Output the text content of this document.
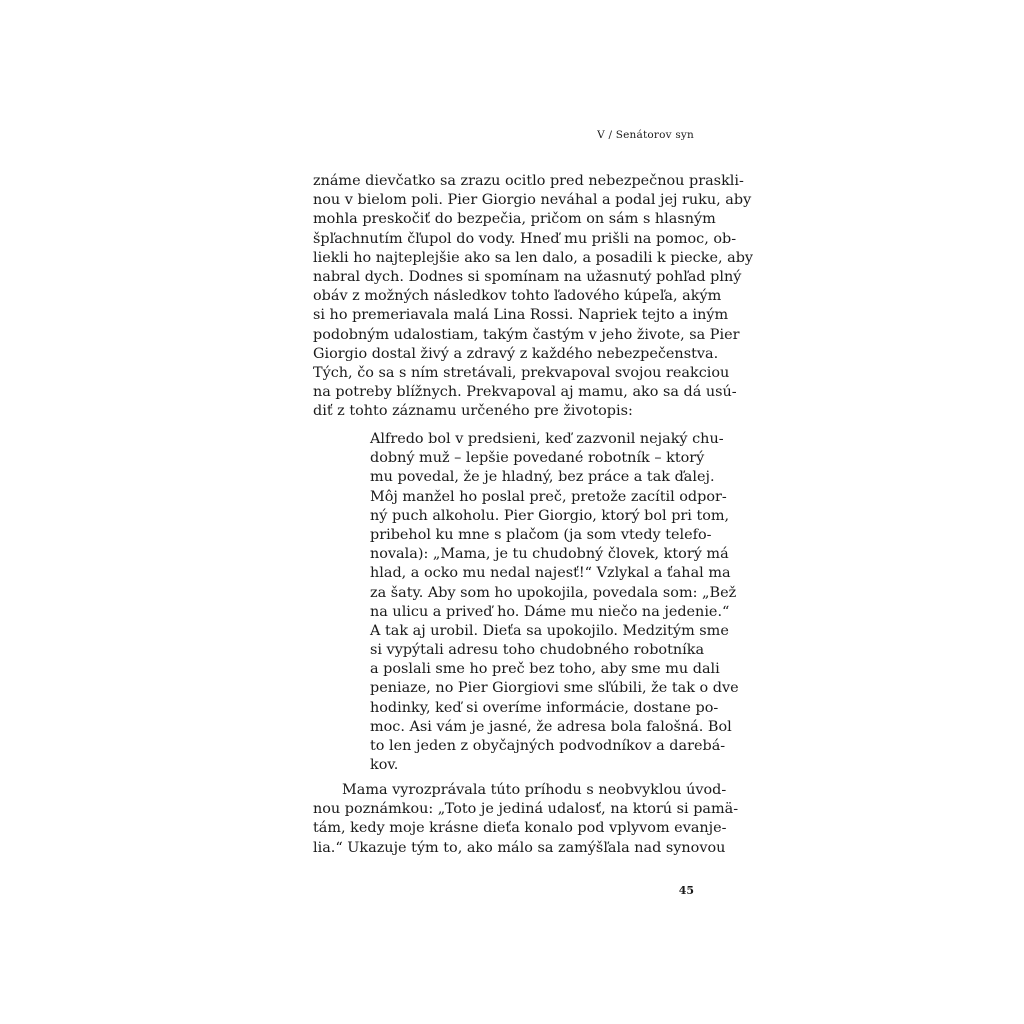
V / Senátorov syn
známe dievčatko sa zrazu ocitlo pred nebezpečnou praskli-
nou v bielom poli. Pier Giorgio neváhal a podal jej ruku, aby
mohla preskočiť do bezpečia, pričom on sám s hlasným
špľachnutím čľupol do vody. Hneď mu prišli na pomoc, ob-
liekli ho najteplejšie ako sa len dalo, a posadili k piecke, aby
nabral dych. Dodnes si spomínam na užasnutý pohľad plný
obáv z možných následkov tohto ľadového kúpeľa, akým
si ho premeriavala malá Lina Rossi. Napriek tejto a iným
podobným udalostiam, takým častým v jeho živote, sa Pier
Giorgio dostal živý a zdravý z každého nebezpečenstva.
Tých, čo sa s ním stretávali, prekvapoval svojou reakciou
na potreby blížnych. Prekvapoval aj mamu, ako sa dá usú-
diť z tohto záznamu určeného pre životopis:
Alfredo bol v predsieni, keď zazvonil nejaký chu-
dobný muž – lepšie povedané robotník – ktorý
mu povedal, že je hladný, bez práce a tak ďalej.
Môj manžel ho poslal preč, pretože zacítil odpor-
ný puch alkoholu. Pier Giorgio, ktorý bol pri tom,
pribehol ku mne s plačom (ja som vtedy telefo-
novala): „Mama, je tu chudobný človek, ktorý má
hlad, a ocko mu nedal najesť!“ Vzlykal a ťahal ma
za šaty. Aby som ho upokojila, povedala som: „Bež
na ulicu a priveď ho. Dáme mu niečo na jedenie.“
A tak aj urobil. Dieťa sa upokojilo. Medzitým sme
si vypýtali adresu toho chudobného robotníka
a poslali sme ho preč bez toho, aby sme mu dali
peniaze, no Pier Giorgiovi sme sľúbili, že tak o dve
hodinky, keď si overíme informácie, dostane po-
moc. Asi vám je jasné, že adresa bola falošná. Bol
to len jeden z obyčajných podvodníkov a darebá-
kov.
Mama vyrozprávala túto príhodu s neobvyklou úvod-
nou poznámkou: „Toto je jediná udalosť, na ktorú si pamä-
tám, kedy moje krásne dieťa konalo pod vplyvom evanje-
lia.“ Ukazuje tým to, ako málo sa zamýšľala nad synovou
45
